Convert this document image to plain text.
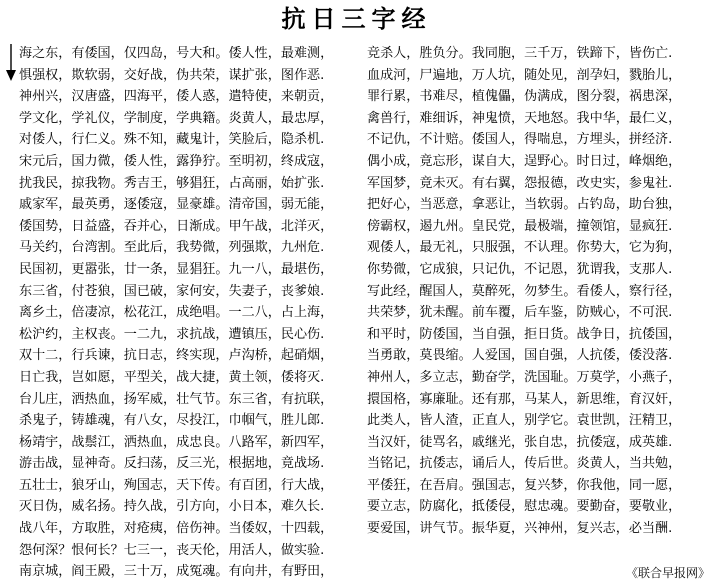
抗日三字经
海之东，有倭国，仅四岛，号大和。倭人性，最难测，
惧强权，欺软弱，交好战，伪共荣，谋扩张，图作恶.
神州兴，汉唐盛，四海平，倭人惑，遣特使，来朝贡，
学文化，学礼仪，学制度，学典籍。炎黄人，最忠厚，
对倭人，行仁义。殊不知，藏鬼计，笑脸后，隐杀机.
宋元后，国力微，倭人性，露狰狞。至明初，终成寇，
扰我民，掠我物。秀吉王，够猖狂，占高丽，始扩张.
戚家军，最英勇，逐倭寇，显豪雄。清帝国，弱无能，
倭国势，日益盛，吞并心，日渐成。甲午战，北洋灭，
马关约，台湾割。至此后，我势微，列强欺，九州危.
民国初，更嚣张，廿一条，显猖狂。九一八，最堪伤，
东三省，付苍狼，国已破，家何安，失妻子，丧爹娘.
离乡土，倍凄凉，松花江，成绝唱。一二八，占上海，
松沪约，主权丧。一二九，求抗战，遭镇压，民心伤.
双十二，行兵谏，抗日志，终实现，卢沟桥，起硝烟，
日亡我，岂如愿，平型关，战大捷，黄土领，倭将灭.
台儿庄，洒热血，扬军威，壮气节。东三省，有抗联，
杀鬼子，铸雄魂，有八女，尽投江，巾帼气，胜儿郎.
杨靖宇，战鬃江，洒热血，成忠良。八路军，新四军，
游击战，显神奇。反扫荡，反三光，根据地，竟战场.
五壮士，狼牙山，殉国志，天下传。有百团，行大战，
灭日伪，威名扬。持久战，引方向，小日本，难久长.
战八年，方取胜，对疮痍，倍伤神。当倭奴，十四载，
怨何深？恨何长？七三一，丧天伦，用活人，做实验.
南京城，阎王殿，三十万，成冤魂。有向井，有野田，
竞杀人，胜负分。我同胞，三千万，铁蹄下，皆伤亡.
血成河，尸遍地，万人坑，随处见，剖孕妇，戮胎儿，
罪行累，书难尽，植傀儡，伪满成，图分裂，祸患深，
禽兽行，难细诉，神鬼愤，天地怒。我中华，最仁义，
不记仇，不计赔。倭国人，得喘息，方埋头，拼经济.
偶小成，竟忘形，谋自大，逞野心。时日过，峰烟绝，
军国梦，竟未灭。有右翼，怨报德，改史实，参鬼社.
把好心，当恶意，拿恶让，当软弱。占钓岛，助台独，
傍霸权，遏九州。皇民党，最极端，撞领馆，显疯狂.
观倭人，最无礼，只服强，不认理。你势大，它为狗，
你势微，它成狼，只记仇，不记恩，犹谓我，支那人.
写此经，醒国人，莫醉死，勿梦生。看倭人，察行径，
共荣梦，犹未醒。前车覆，后车鉴，防贼心，不可泯.
和平时，防倭国，当自强，拒日货。战争日，抗倭国，
当勇敢，莫畏缩。人爱国，国自强，人抗倭，倭没落.
神州人，多立志，勤奋学，洗国耻。万莫学，小燕子，
擐国格，寡廉耻。还有那，马某人，新思维，育汉奸，
此类人，皆人渣，正直人，别学它。袁世凯，汪精卫，
当汉奸，徒骂名，戚继光，张自忠，抗倭寇，成英雄.
当铭记，抗倭志，诵后人，传后世。炎黄人，当共勉，
平倭狂，在吾肩。强国志，复兴梦，你我他，同一愿，
要立志，防腐化，抵倭侵，慰忠魂。要勤奋，要敬业，
要爱国，讲气节。振华夏，兴神州，复兴志，必当酬.
《联合早报网》
